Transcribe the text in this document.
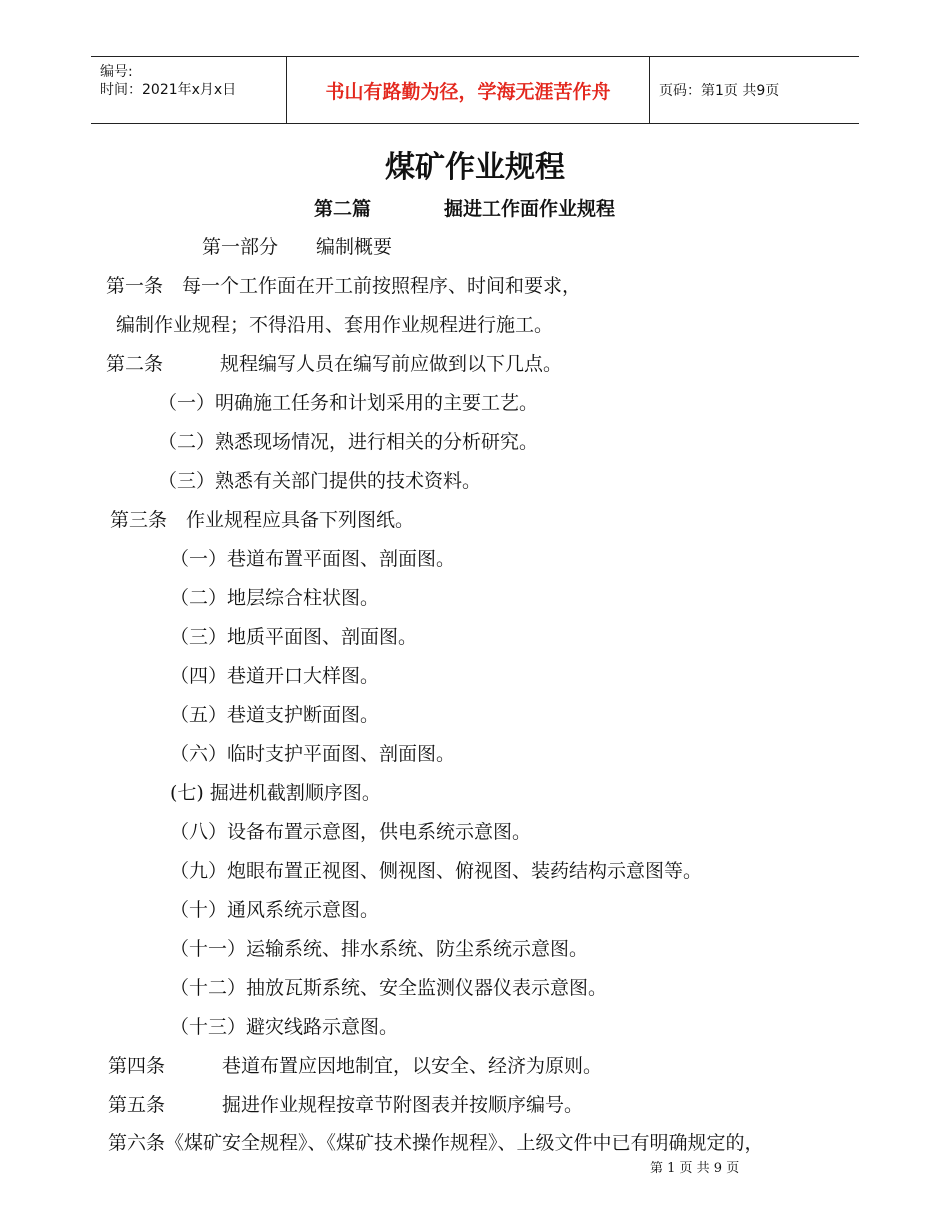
编号:
时间：2021年x月x日	书山有路勤为径，学海无涯苦作舟	页码：第1页 共9页
煤矿作业规程
第二篇	掘进工作面作业规程
第一部分　　编制概要
第一条　每一个工作面在开工前按照程序、时间和要求，
编制作业规程；不得沿用、套用作业规程进行施工。
第二条　　　规程编写人员在编写前应做到以下几点。
（一）明确施工任务和计划采用的主要工艺。
（二）熟悉现场情况，进行相关的分析研究。
（三）熟悉有关部门提供的技术资料。
第三条　作业规程应具备下列图纸。
（一）巷道布置平面图、剖面图。
（二）地层综合柱状图。
（三）地质平面图、剖面图。
（四）巷道开口大样图。
（五）巷道支护断面图。
（六）临时支护平面图、剖面图。
(七) 掘进机截割顺序图。
（八）设备布置示意图，供电系统示意图。
（九）炮眼布置正视图、侧视图、俯视图、装药结构示意图等。
（十）通风系统示意图。
（十一）运输系统、排水系统、防尘系统示意图。
（十二）抽放瓦斯系统、安全监测仪器仪表示意图。
（十三）避灾线路示意图。
第四条　　　巷道布置应因地制宜，以安全、经济为原则。
第五条　　　掘进作业规程按章节附图表并按顺序编号。
第六条《煤矿安全规程》、《煤矿技术操作规程》、上级文件中已有明确规定的，
第 1 页 共 9 页
